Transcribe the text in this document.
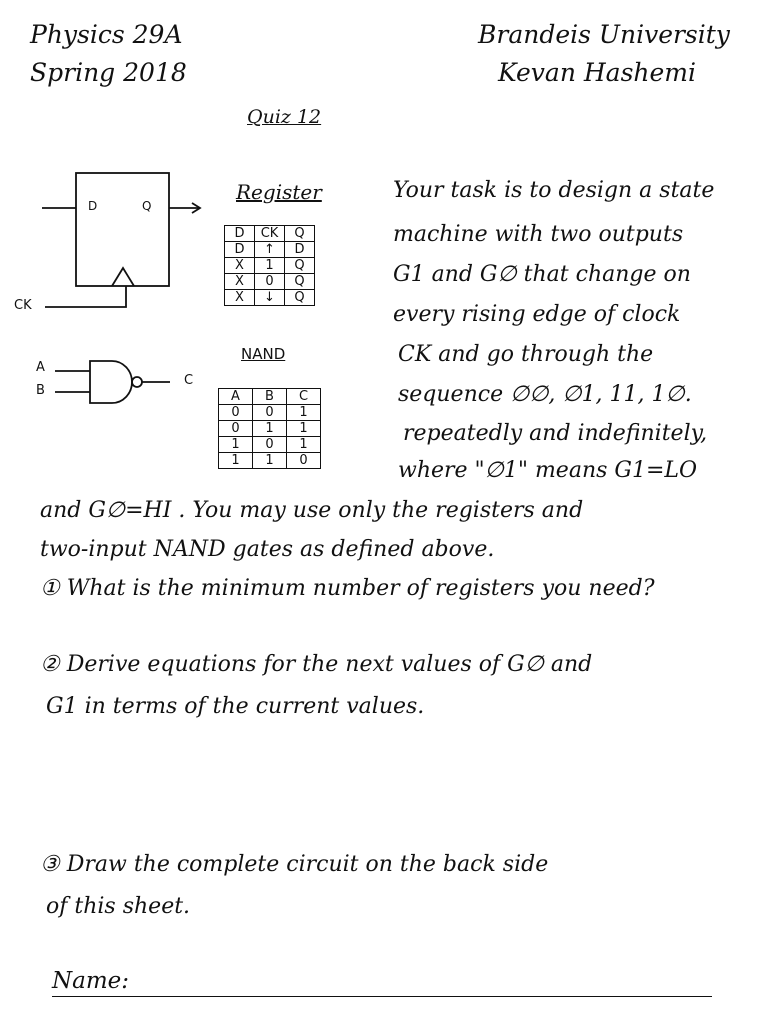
Physics 29A
Spring 2018
Brandeis University
Kevan Hashemi
Quiz 12
D	Q
CK
A
B
C
Register
D	CK	Q
D	↑	D
X	1	Q
X	0	Q
X	↓	Q
NAND
A	B	C
0	0	1
0	1	1
1	0	1
1	1	0
Your task is to design a state
machine with two outputs
G1 and G∅ that change on
every rising edge of clock
CK and go through the
sequence ∅∅, ∅1, 11, 1∅.
repeatedly and indefinitely,
where "∅1" means G1=LO
and G∅=HI . You may use only the registers and
two-input NAND gates as defined above.
① What is the minimum number of registers you need?
② Derive equations for the next values of G∅ and
G1 in terms of the current values.
③ Draw the complete circuit on the back side
of this sheet.
Name:
